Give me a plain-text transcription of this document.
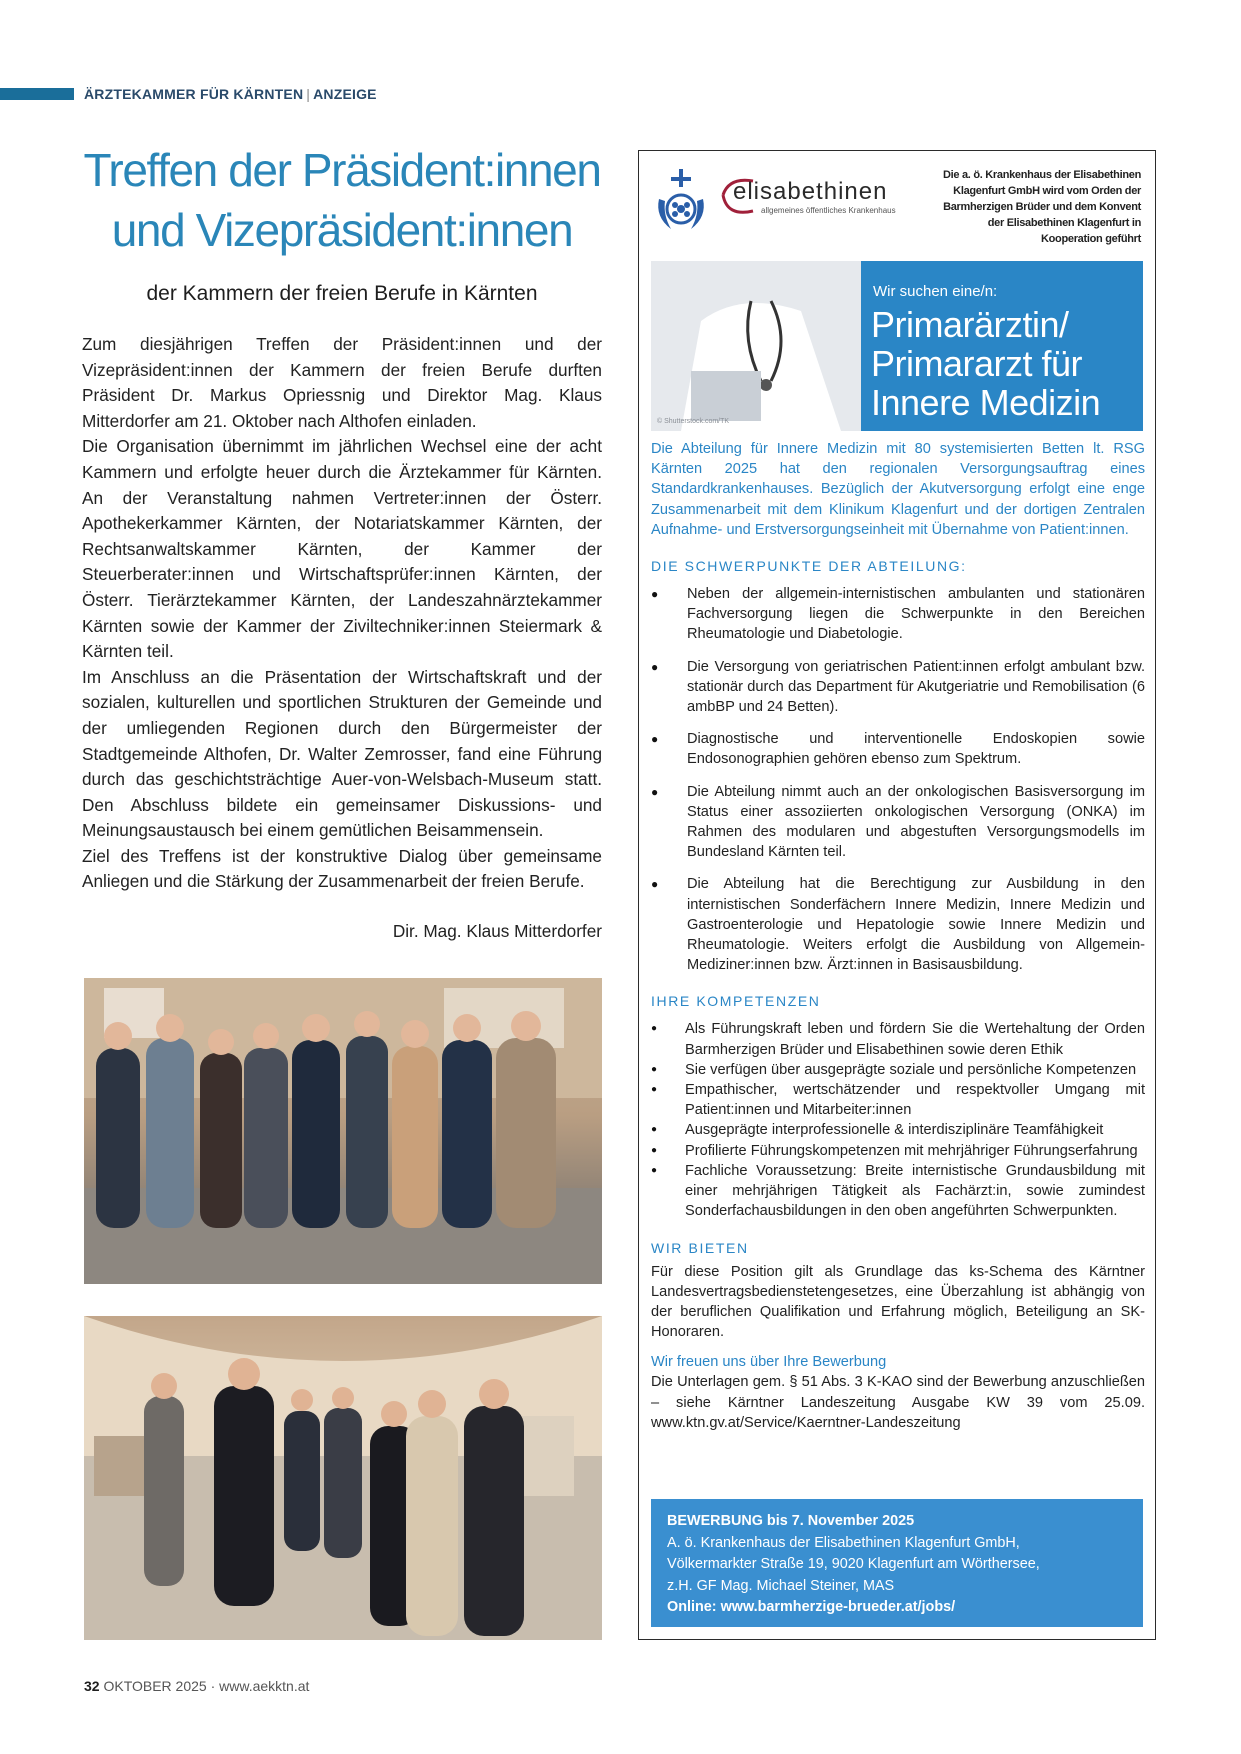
ÄRZTEKAMMER FÜR KÄRNTEN | ANZEIGE
Treffen der Präsident:innen
und Vizepräsident:innen
der Kammern der freien Berufe in Kärnten

Zum diesjährigen Treffen der Präsident:innen und der Vizepräsident:innen der Kammern der freien Berufe durften Präsident Dr. Markus Opriessnig und Direktor Mag. Klaus Mitterdorfer am 21. Oktober nach Althofen einladen.

Die Organisation übernimmt im jährlichen Wechsel eine der acht Kammern und erfolgte heuer durch die Ärztekammer für Kärnten. An der Veranstaltung nahmen Vertreter:innen der Österr. Apothekerkammer Kärnten, der Notariatskammer Kärnten, der Rechtsanwaltskammer Kärnten, der Kammer der Steuerberater:innen und Wirtschaftsprüfer:innen Kärnten, der Österr. Tierärztekammer Kärnten, der Landeszahnärztekammer Kärnten sowie der Kammer der Ziviltechniker:innen Steiermark & Kärnten teil.

Im Anschluss an die Präsentation der Wirtschaftskraft und der sozialen, kulturellen und sportlichen Strukturen der Gemeinde und der umliegenden Regionen durch den Bürgermeister der Stadtgemeinde Althofen, Dr. Walter Zemrosser, fand eine Führung durch das geschichtsträchtige Auer-von-Welsbach-Museum statt. Den Abschluss bildete ein gemeinsamer Diskussions- und Meinungsaustausch bei einem gemütlichen Beisammensein.

Ziel des Treffens ist der konstruktive Dialog über gemeinsame Anliegen und die Stärkung der Zusammenarbeit der freien Berufe.

Dir. Mag. Klaus Mitterdorfer
32 OKTOBER 2025 · www.aekktn.at
elisabethinen
allgemeines öffentliches Krankenhaus
Die a. ö. Krankenhaus der Elisabethinen Klagenfurt GmbH wird vom Orden der Barmherzigen Brüder und dem Konvent der Elisabethinen Klagenfurt in Kooperation geführt
© Shutterstock.com/TK
Wir suchen eine/n:
Primarärztin/
Primararzt für
Innere Medizin
Die Abteilung für Innere Medizin mit 80 systemisierten Betten lt. RSG Kärnten 2025 hat den regionalen Versorgungsauftrag eines Standardkrankenhauses. Bezüglich der Akutversorgung erfolgt eine enge Zusammenarbeit mit dem Klinikum Klagenfurt und der dortigen Zentralen Aufnahme- und Erstversorgungseinheit mit Übernahme von Patient:innen.
DIE SCHWERPUNKTE DER ABTEILUNG:
● Neben der allgemein-internistischen ambulanten und stationären Fachversorgung liegen die Schwerpunkte in den Bereichen Rheumatologie und Diabetologie.
● Die Versorgung von geriatrischen Patient:innen erfolgt ambulant bzw. stationär durch das Department für Akutgeriatrie und Remobilisation (6 ambBP und 24 Betten).
● Diagnostische und interventionelle Endoskopien sowie Endosonographien gehören ebenso zum Spektrum.
● Die Abteilung nimmt auch an der onkologischen Basisversorgung im Status einer assoziierten onkologischen Versorgung (ONKA) im Rahmen des modularen und abgestuften Versorgungsmodells im Bundesland Kärnten teil.
● Die Abteilung hat die Berechtigung zur Ausbildung in den internistischen Sonderfächern Innere Medizin, Innere Medizin und Gastroenterologie und Hepatologie sowie Innere Medizin und Rheumatologie. Weiters erfolgt die Ausbildung von Allgemein-Mediziner:innen bzw. Ärzt:innen in Basisausbildung.
IHRE KOMPETENZEN
● Als Führungskraft leben und fördern Sie die Wertehaltung der Orden Barmherzigen Brüder und Elisabethinen sowie deren Ethik
● Sie verfügen über ausgeprägte soziale und persönliche Kompetenzen
● Empathischer, wertschätzender und respektvoller Umgang mit Patient:innen und Mitarbeiter:innen
● Ausgeprägte interprofessionelle & interdisziplinäre Teamfähigkeit
● Profilierte Führungskompetenzen mit mehrjähriger Führungserfahrung
● Fachliche Voraussetzung: Breite internistische Grundausbildung mit einer mehrjährigen Tätigkeit als Fachärzt:in, sowie zumindest Sonderfachausbildungen in den oben angeführten Schwerpunkten.
WIR BIETEN
Für diese Position gilt als Grundlage das ks-Schema des Kärntner Landesvertragsbedienstetengesetzes, eine Überzahlung ist abhängig von der beruflichen Qualifikation und Erfahrung möglich, Beteiligung an SK-Honoraren.
Wir freuen uns über Ihre Bewerbung
Die Unterlagen gem. § 51 Abs. 3 K-KAO sind der Bewerbung anzuschließen – siehe Kärntner Landeszeitung Ausgabe KW 39 vom 25.09. www.ktn.gv.at/Service/Kaerntner-Landeszeitung
BEWERBUNG bis 7. November 2025
A. ö. Krankenhaus der Elisabethinen Klagenfurt GmbH,
Völkermarkter Straße 19, 9020 Klagenfurt am Wörthersee,
z.H. GF Mag. Michael Steiner, MAS
Online: www.barmherzige-brueder.at/jobs/
